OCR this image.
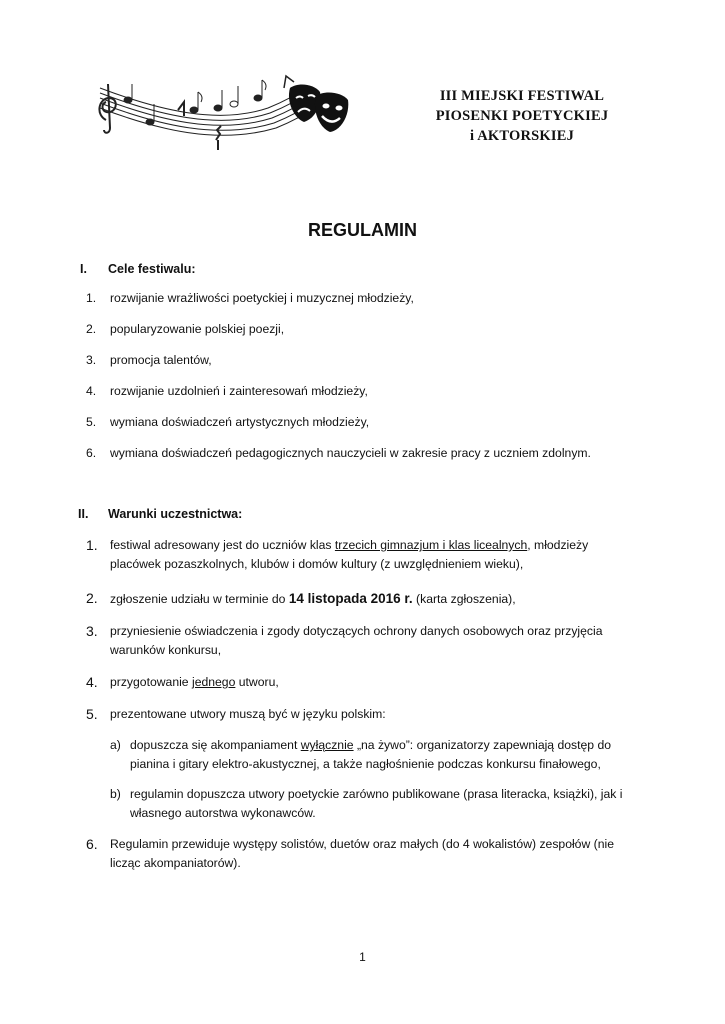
III MIEJSKI FESTIWAL
PIOSENKI POETYCKIEJ
i AKTORSKIEJ
REGULAMIN
I. Cele festiwalu:
1. rozwijanie wrażliwości poetyckiej i muzycznej młodzieży,
2. popularyzowanie polskiej poezji,
3. promocja talentów,
4. rozwijanie uzdolnień i zainteresowań młodzieży,
5. wymiana doświadczeń artystycznych młodzieży,
6. wymiana doświadczeń pedagogicznych nauczycieli w zakresie pracy z uczniem zdolnym.
II. Warunki uczestnictwa:
1. festiwal adresowany jest do uczniów klas trzecich gimnazjum i klas licealnych, młodzieży placówek pozaszkolnych, klubów i domów kultury (z uwzględnieniem wieku),
2. zgłoszenie udziału w terminie do 14 listopada 2016 r. (karta zgłoszenia),
3. przyniesienie oświadczenia i zgody dotyczących ochrony danych osobowych oraz przyjęcia warunków konkursu,
4. przygotowanie jednego utworu,
5. prezentowane utwory muszą być w języku polskim:
a) dopuszcza się akompaniament wyłącznie „na żywo”: organizatorzy zapewniają dostęp do pianina i gitary elektro-akustycznej, a także nagłośnienie podczas konkursu finałowego,
b) regulamin dopuszcza utwory poetyckie zarówno publikowane (prasa literacka, książki), jak i własnego autorstwa wykonawców.
6. Regulamin przewiduje występy solistów, duetów oraz małych (do 4 wokalistów) zespołów (nie licząc akompaniatorów).
1
